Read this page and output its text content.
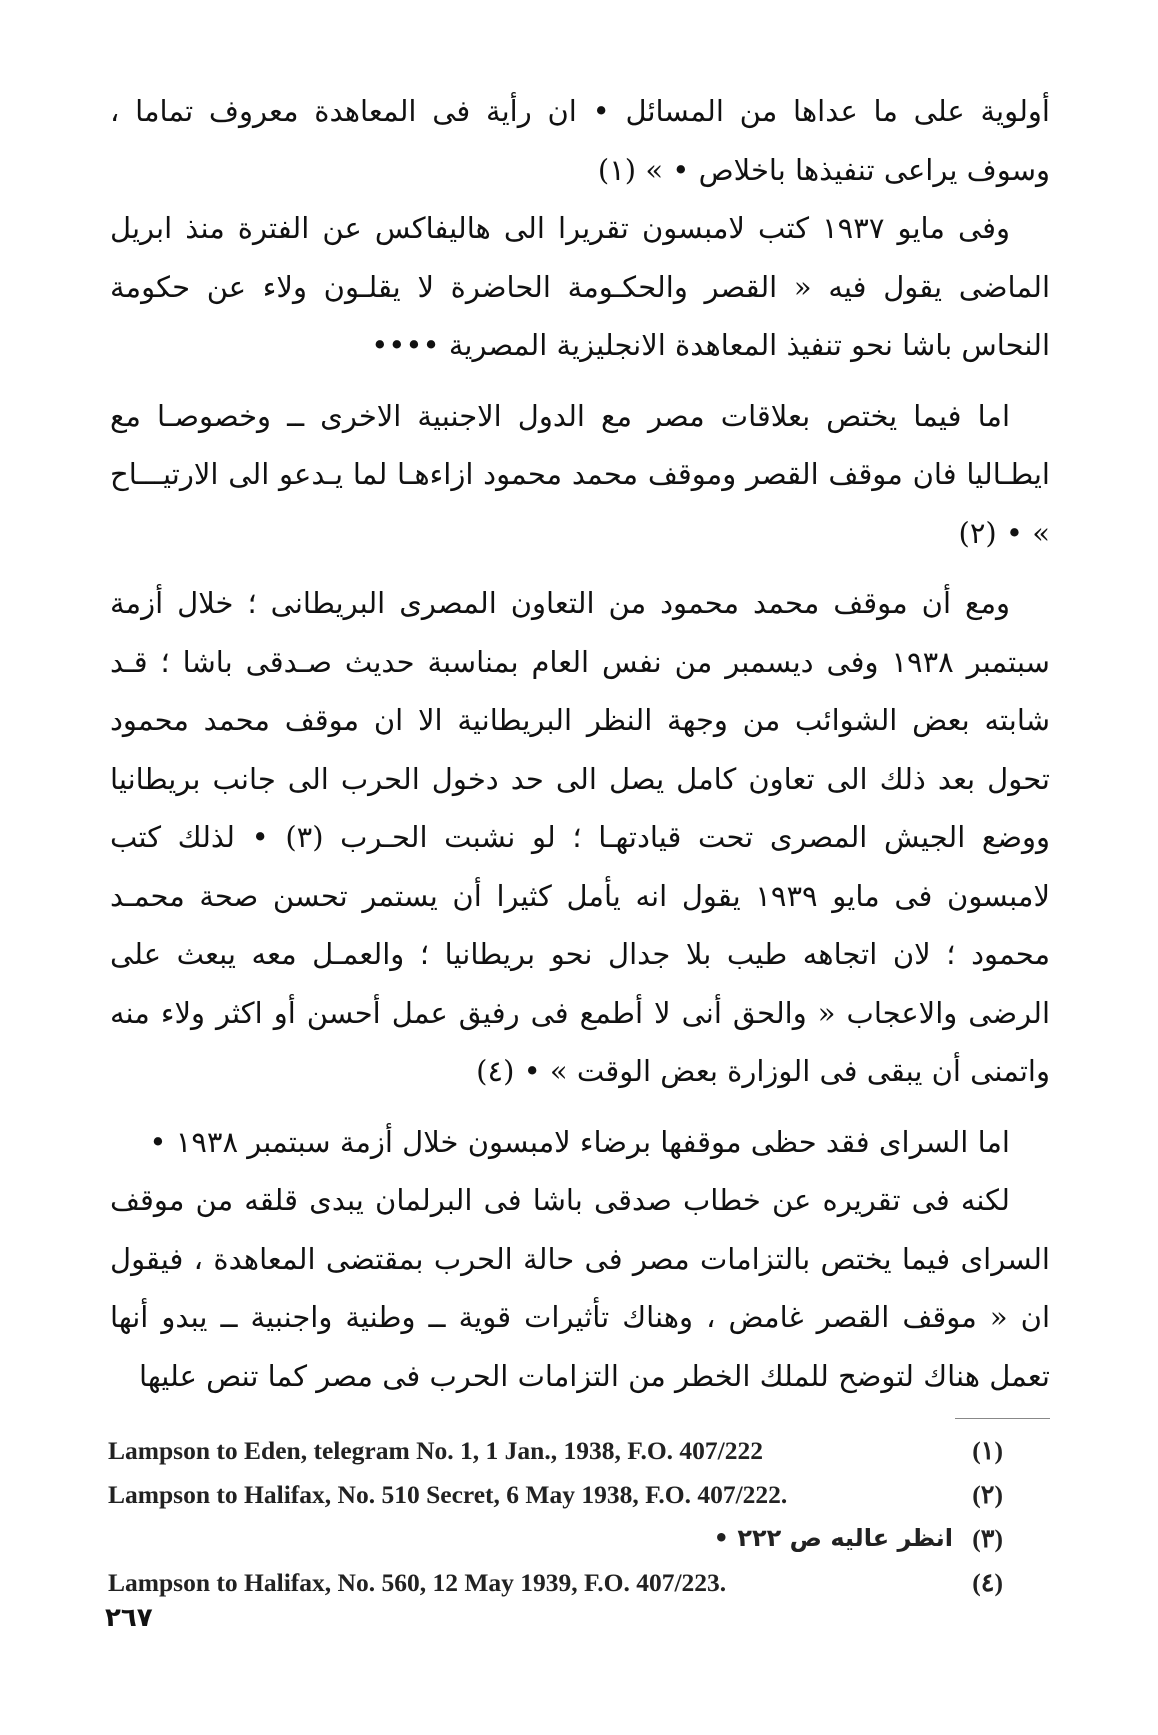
أولوية على ما عداها من المسائل • ان رأية فى المعاهدة معروف تماما ، وسوف يراعى تنفيذها باخلاص • » (١)

وفى مايو ١٩٣٧ كتب لامبسون تقريرا الى هاليفاكس عن الفترة منذ ابريل الماضى يقول فيه « القصر والحكـومة الحاضرة لا يقلـون ولاء عن حكومة النحاس باشا نحو تنفيذ المعاهدة الانجليزية المصرية ••••

اما فيما يختص بعلاقات مصر مع الدول الاجنبية الاخرى ــ وخصوصـا مع ايطـاليا فان موقف القصر وموقف محمد محمود ازاءهـا لما يـدعو الى الارتيـــاح » • (٢)

ومع أن موقف محمد محمود من التعاون المصرى البريطانى ؛ خلال أزمة سبتمبر ١٩٣٨ وفى ديسمبر من نفس العام بمناسبة حديث صـدقى باشا ؛ قـد شابته بعض الشوائب من وجهة النظر البريطانية الا ان موقف محمد محمود تحول بعد ذلك الى تعاون كامل يصل الى حد دخول الحرب الى جانب بريطانيا ووضع الجيش المصرى تحت قيادتهـا ؛ لو نشبت الحـرب (٣) • لذلك كتب لامبسون فى مايو ١٩٣٩ يقول انه يأمل كثيرا أن يستمر تحسن صحة محمـد محمود ؛ لان اتجاهه طيب بلا جدال نحو بريطانيا ؛ والعمـل معه يبعث على الرضى والاعجاب « والحق أنى لا أطمع فى رفيق عمل أحسن أو اكثر ولاء منه واتمنى أن يبقى فى الوزارة بعض الوقت » • (٤)

اما السراى فقد حظى موقفها برضاء لامبسون خلال أزمة سبتمبر ١٩٣٨ •

لكنه فى تقريره عن خطاب صدقى باشا فى البرلمان يبدى قلقه من موقف السراى فيما يختص بالتزامات مصر فى حالة الحرب بمقتضى المعاهدة ، فيقول ان « موقف القصر غامض ، وهناك تأثيرات قوية ــ وطنية واجنبية ــ يبدو أنها تعمل هناك لتوضح للملك الخطر من التزامات الحرب فى مصر كما تنص عليها

Lampson to Eden, telegram No. 1, 1 Jan., 1938, F.O. 407/222	(١)
Lampson to Halifax, No. 510 Secret, 6 May 1938, F.O. 407/222.	(٢)
انظر عاليه ص ٢٢٢ • (٣)
Lampson to Halifax, No. 560, 12 May 1939, F.O. 407/223.	(٤)
٢٦٧
